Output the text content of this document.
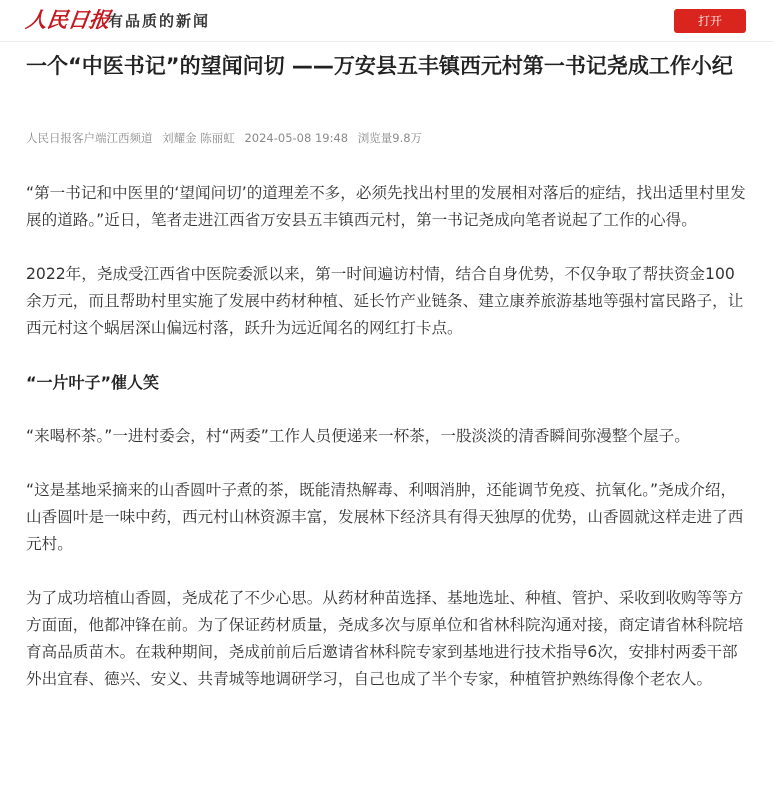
人民日报
有品质的新闻	打开
一个“中医书记”的望闻问切 ——万安县五丰镇西元村第一书记尧成工作小纪
人民日报客户端江西频道 刘耀金 陈丽虹 2024-05-08 19:48 浏览量9.8万

“第一书记和中医里的‘望闻问切’的道理差不多，必须先找出村里的发展相对落后的症结，找出适里村里发展的道路。”近日，笔者走进江西省万安县五丰镇西元村，第一书记尧成向笔者说起了工作的心得。

2022年，尧成受江西省中医院委派以来，第一时间遍访村情，结合自身优势，不仅争取了帮扶资金100余万元，而且帮助村里实施了发展中药材种植、延长竹产业链条、建立康养旅游基地等强村富民路子，让西元村这个蜗居深山偏远村落，跃升为远近闻名的网红打卡点。

“一片叶子”催人笑

“来喝杯茶。”一进村委会，村“两委”工作人员便递来一杯茶，一股淡淡的清香瞬间弥漫整个屋子。

“这是基地采摘来的山香圆叶子煮的茶，既能清热解毒、利咽消肿，还能调节免疫、抗氧化。”尧成介绍，山香圆叶是一味中药，西元村山林资源丰富，发展林下经济具有得天独厚的优势，山香圆就这样走进了西元村。

为了成功培植山香圆，尧成花了不少心思。从药材种苗选择、基地选址、种植、管护、采收到收购等等方方面面，他都冲锋在前。为了保证药材质量，尧成多次与原单位和省林科院沟通对接，商定请省林科院培育高品质苗木。在栽种期间，尧成前前后后邀请省林科院专家到基地进行技术指导6次，安排村两委干部外出宜春、德兴、安义、共青城等地调研学习，自己也成了半个专家，种植管护熟练得像个老农人。
